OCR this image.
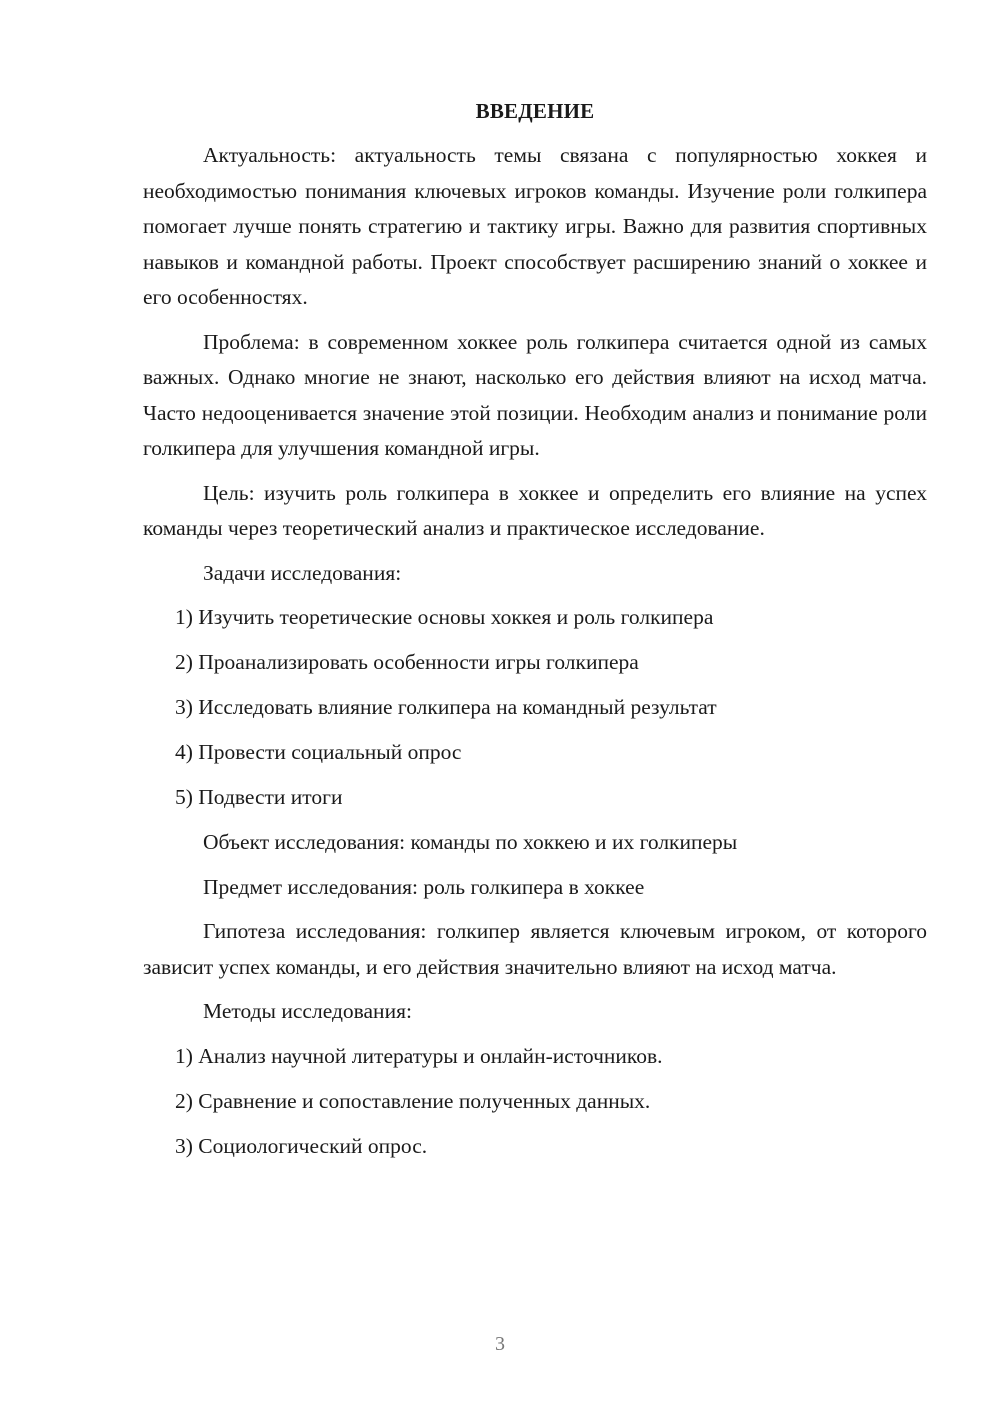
ВВЕДЕНИЕ

Актуальность: актуальность темы связана с популярностью хоккея и необходимостью понимания ключевых игроков команды. Изучение роли голкипера помогает лучше понять стратегию и тактику игры. Важно для развития спортивных навыков и командной работы. Проект способствует расширению знаний о хоккее и его особенностях.

Проблема: в современном хоккее роль голкипера считается одной из самых важных. Однако многие не знают, насколько его действия влияют на исход матча. Часто недооценивается значение этой позиции. Необходим анализ и понимание роли голкипера для улучшения командной игры.

Цель: изучить роль голкипера в хоккее и определить его влияние на успех команды через теоретический анализ и практическое исследование.

Задачи исследования:

1) Изучить теоретические основы хоккея и роль голкипера
2) Проанализировать особенности игры голкипера
3) Исследовать влияние голкипера на командный результат
4) Провести социальный опрос
5) Подвести итоги

Объект исследования: команды по хоккею и их голкиперы

Предмет исследования: роль голкипера в хоккее

Гипотеза исследования: голкипер является ключевым игроком, от которого зависит успех команды, и его действия значительно влияют на исход матча.

Методы исследования:

1) Анализ научной литературы и онлайн-источников.
2) Сравнение и сопоставление полученных данных.
3) Социологический опрос.
3
